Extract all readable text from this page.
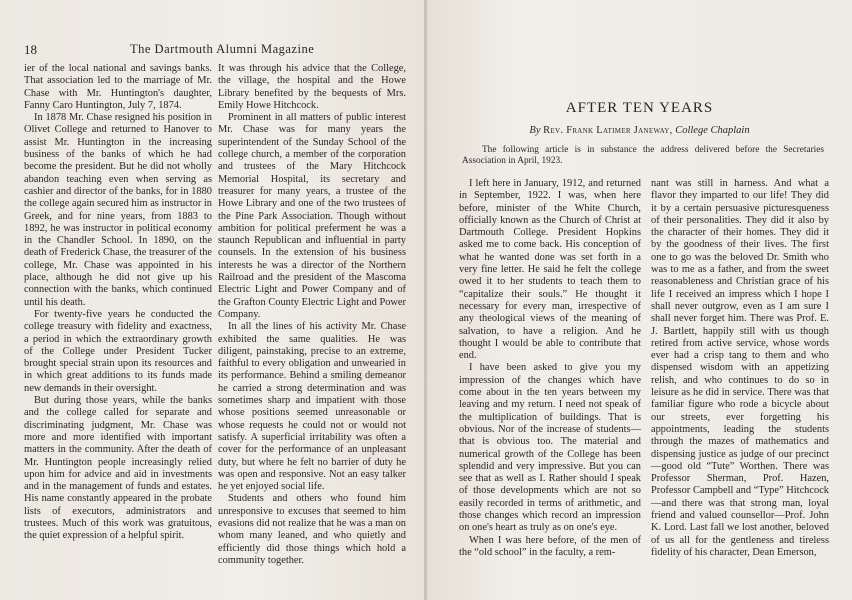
18	The Dartmouth Alumni Magazine

ier of the local national and savings banks. That association led to the marriage of Mr. Chase with Mr. Huntington's daughter, Fanny Caro Huntington, July 7, 1874.

In 1878 Mr. Chase resigned his position in Olivet College and returned to Hanover to assist Mr. Huntington in the increasing business of the banks of which he had become the president. But he did not wholly abandon teaching even when serving as cashier and director of the banks, for in 1880 the college again secured him as instructor in Greek, and for nine years, from 1883 to 1892, he was instructor in political economy in the Chandler School. In 1890, on the death of Frederick Chase, the treasurer of the college, Mr. Chase was appointed in his place, although he did not give up his connection with the banks, which continued until his death.

For twenty-five years he conducted the college treasury with fidelity and exactness, a period in which the extraordinary growth of the College under President Tucker brought special strain upon its resources and in which great additions to its funds made new demands in their oversight.

But during those years, while the banks and the college called for separate and discriminating judgment, Mr. Chase was more and more identified with important matters in the community. After the death of Mr. Huntington people increasingly relied upon him for advice and aid in investments and in the management of funds and estates. His name constantly appeared in the probate lists of executors, administrators and trustees. Much of this work was gratuitous, the quiet expression of a helpful spirit.

It was through his advice that the College, the village, the hospital and the Howe Library benefited by the bequests of Mrs. Emily Howe Hitchcock.

Prominent in all matters of public interest Mr. Chase was for many years the superintendent of the Sunday School of the college church, a member of the corporation and trustees of the Mary Hitchcock Memorial Hospital, its secretary and treasurer for many years, a trustee of the Howe Library and one of the two trustees of the Pine Park Association. Though without ambition for political preferment he was a staunch Republican and influential in party counsels. In the extension of his business interests he was a director of the Northern Railroad and the president of the Mascoma Electric Light and Power Company and of the Grafton County Electric Light and Power Company.

In all the lines of his activity Mr. Chase exhibited the same qualities. He was diligent, painstaking, precise to an extreme, faithful to every obligation and unwearied in its performance. Behind a smiling demeanor he carried a strong determination and was sometimes sharp and impatient with those whose positions seemed unreasonable or whose requests he could not or would not satisfy. A superficial irritability was often a cover for the performance of an unpleasant duty, but where he felt no barrier of duty he was open and responsive. Not an easy talker he yet enjoyed social life.

Students and others who found him unresponsive to excuses that seemed to him evasions did not realize that he was a man on whom many leaned, and who quietly and efficiently did those things which hold a community together.

AFTER TEN YEARS
By Rev. Frank Latimer Janeway, College Chaplain
The following article is in substance the address delivered before the Secretaries Association in April, 1923.

I left here in January, 1912, and returned in September, 1922. I was, when here before, minister of the White Church, officially known as the Church of Christ at Dartmouth College. President Hopkins asked me to come back. His conception of what he wanted done was set forth in a very fine letter. He said he felt the college owed it to her students to teach them to “capitalize their souls.” He thought it necessary for every man, irrespective of any theological views of the meaning of salvation, to have a religion. And he thought I would be able to contribute that end.

I have been asked to give you my impression of the changes which have come about in the ten years between my leaving and my return. I need not speak of the multiplication of buildings. That is obvious. Nor of the increase of students—that is obvious too. The material and numerical growth of the College has been splendid and very impressive. But you can see that as well as I. Rather should I speak of those developments which are not so easily recorded in terms of arithmetic, and those changes which record an impression on one's heart as truly as on one's eye.

When I was here before, of the men of the “old school” in the faculty, a rem-

nant was still in harness. And what a flavor they imparted to our life! They did it by a certain persuasive picturesqueness of their personalities. They did it also by the character of their homes. They did it by the goodness of their lives. The first one to go was the beloved Dr. Smith who was to me as a father, and from the sweet reasonableness and Christian grace of his life I received an impress which I hope I shall never outgrow, even as I am sure I shall never forget him. There was Prof. E. J. Bartlett, happily still with us though retired from active service, whose words ever had a crisp tang to them and who dispensed wisdom with an appetizing relish, and who continues to do so in leisure as he did in service. There was that familiar figure who rode a bicycle about our streets, ever forgetting his appointments, leading the students through the mazes of mathematics and dispensing justice as judge of our precinct—good old “Tute” Worthen. There was Professor Sherman, Prof. Hazen, Professor Campbell and “Type” Hitchcock—and there was that strong man, loyal friend and valued counsellor—Prof. John K. Lord. Last fall we lost another, beloved of us all for the gentleness and tireless fidelity of his character, Dean Emerson,
